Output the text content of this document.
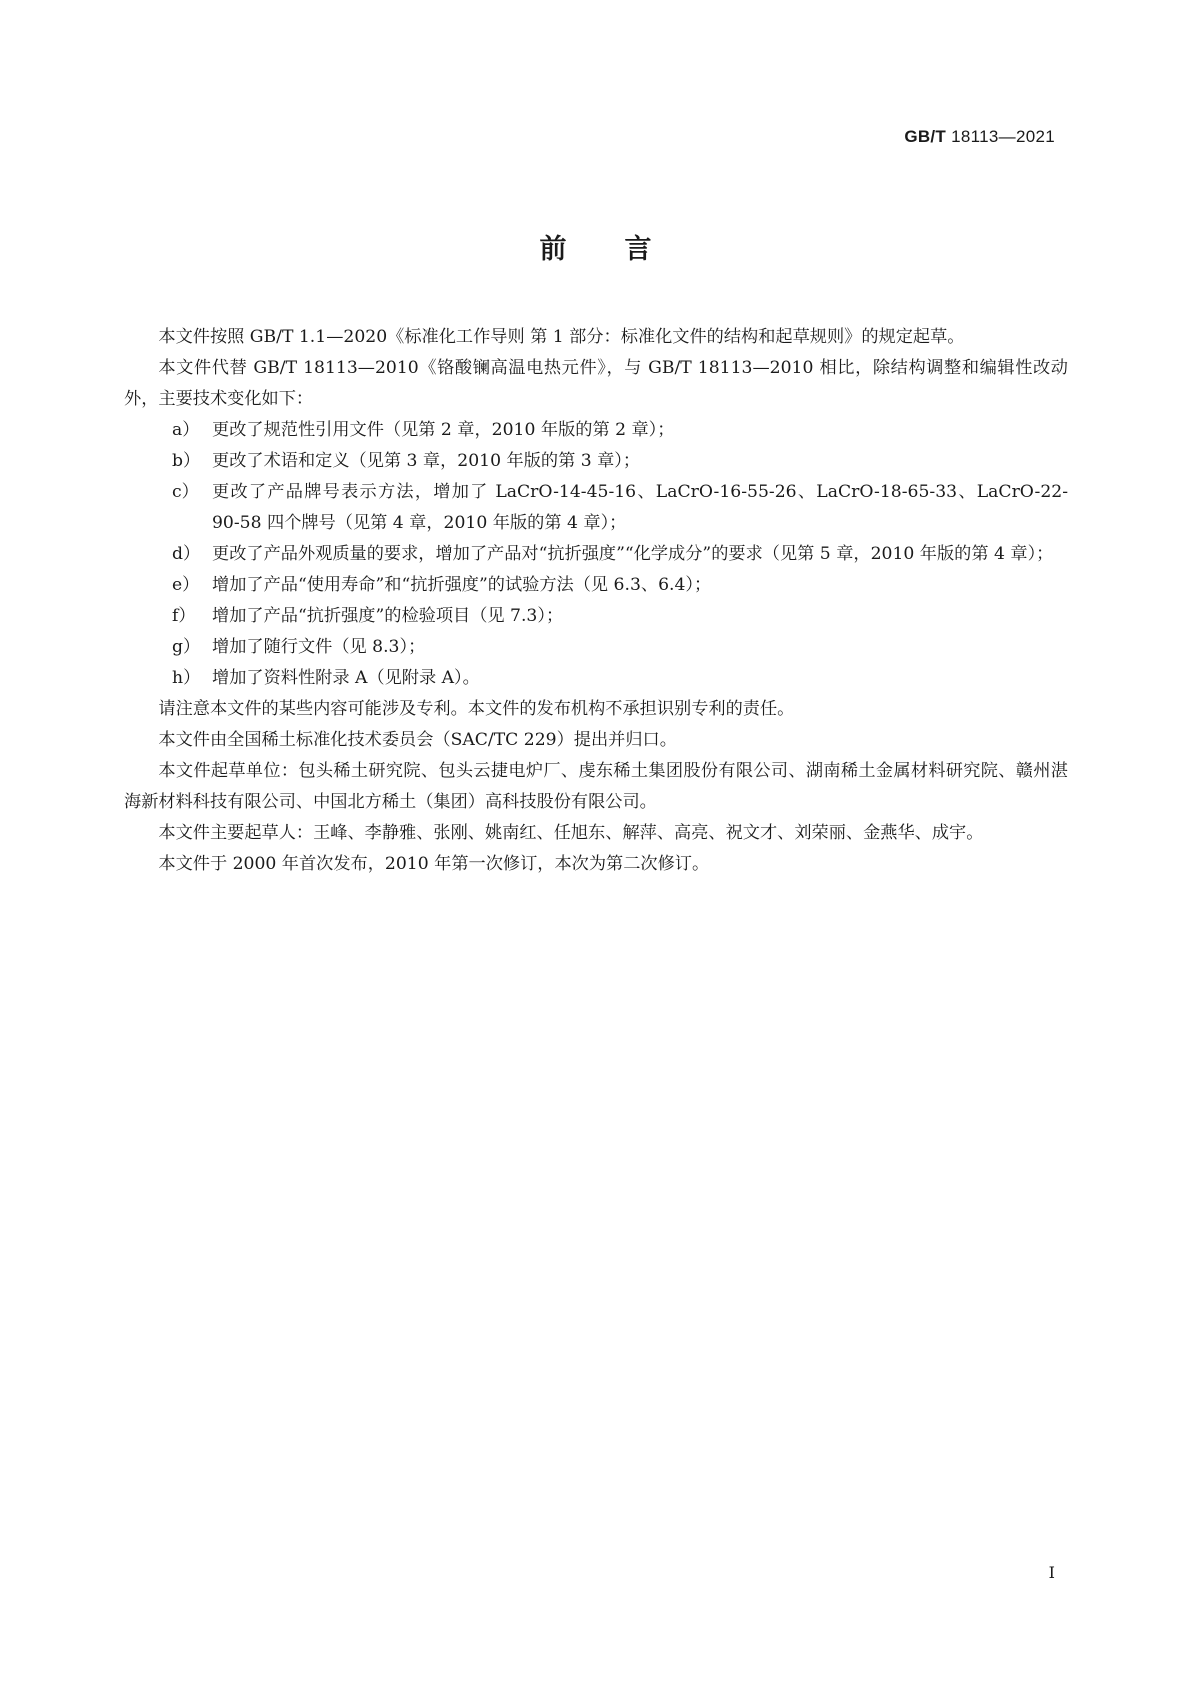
GB/T 18113—2021
前言

本文件按照 GB/T 1.1—2020《标准化工作导则 第 1 部分：标准化文件的结构和起草规则》的规定起草。

本文件代替 GB/T 18113—2010《铬酸镧高温电热元件》，与 GB/T 18113—2010 相比，除结构调整和编辑性改动外，主要技术变化如下：

a） 更改了规范性引用文件（见第 2 章，2010 年版的第 2 章）；
b） 更改了术语和定义（见第 3 章，2010 年版的第 3 章）；
c） 更改了产品牌号表示方法，增加了 LaCrO-14-45-16、LaCrO-16-55-26、LaCrO-18-65-33、LaCrO-22-90-58 四个牌号（见第 4 章，2010 年版的第 4 章）；
d） 更改了产品外观质量的要求，增加了产品对“抗折强度”“化学成分”的要求（见第 5 章，2010 年版的第 4 章）；
e） 增加了产品“使用寿命”和“抗折强度”的试验方法（见 6.3、6.4）；
f） 增加了产品“抗折强度”的检验项目（见 7.3）；
g） 增加了随行文件（见 8.3）；
h） 增加了资料性附录 A（见附录 A）。

请注意本文件的某些内容可能涉及专利。本文件的发布机构不承担识别专利的责任。

本文件由全国稀土标准化技术委员会（SAC/TC 229）提出并归口。

本文件起草单位：包头稀土研究院、包头云捷电炉厂、虔东稀土集团股份有限公司、湖南稀土金属材料研究院、赣州湛海新材料科技有限公司、中国北方稀土（集团）高科技股份有限公司。

本文件主要起草人：王峰、李静雅、张刚、姚南红、任旭东、解萍、高亮、祝文才、刘荣丽、金燕华、成宇。

本文件于 2000 年首次发布，2010 年第一次修订，本次为第二次修订。

I
